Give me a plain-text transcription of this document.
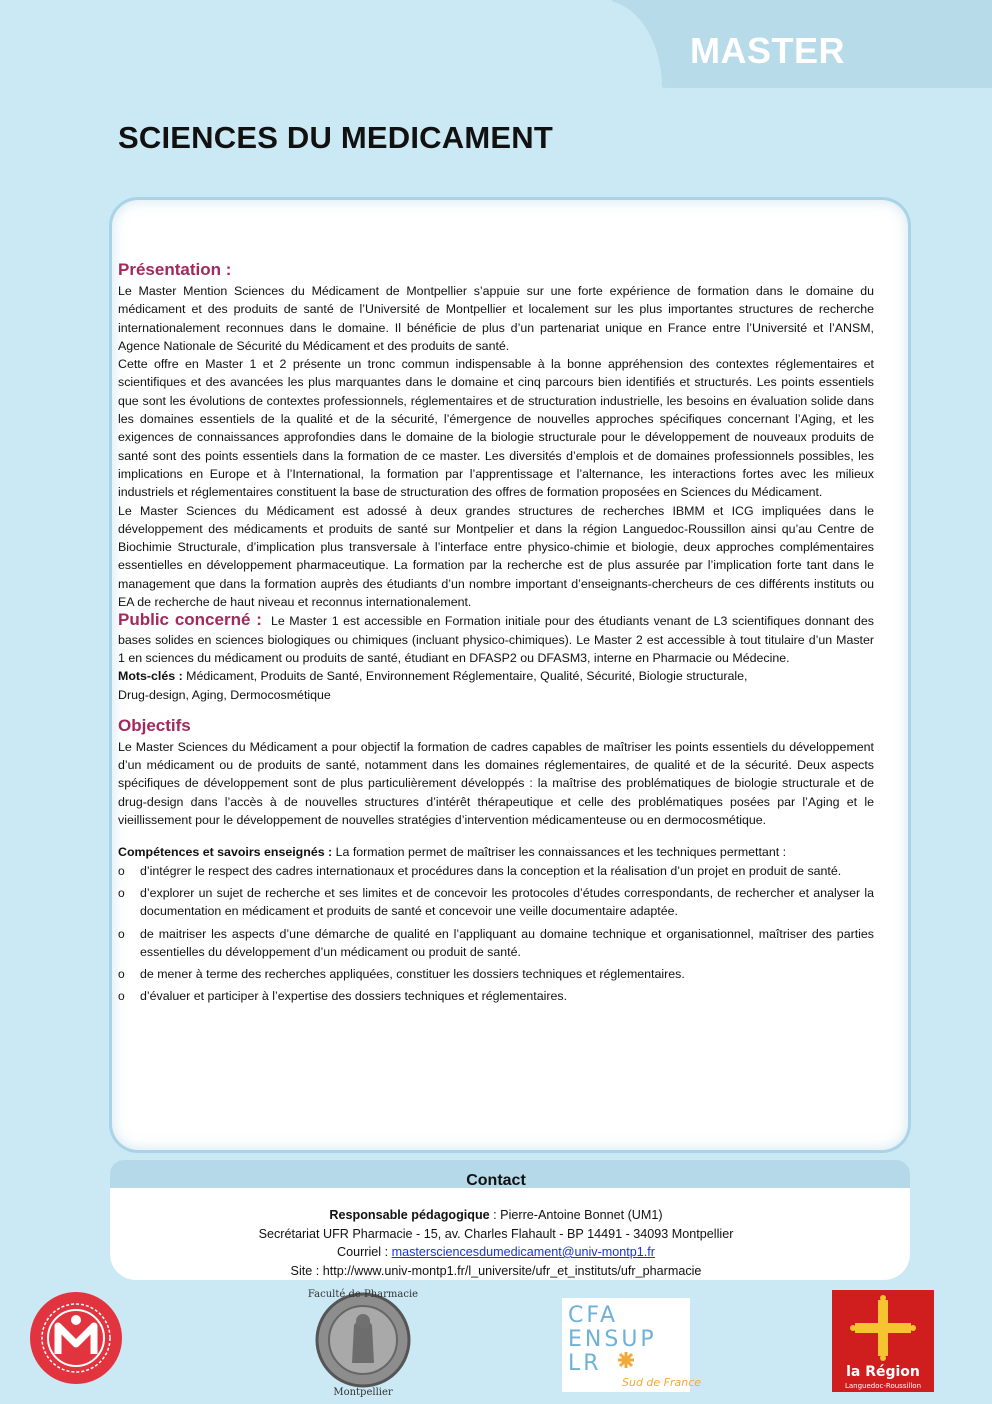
MASTER
SCIENCES DU MEDICAMENT
Présentation :

Le Master Mention Sciences du Médicament de Montpellier s’appuie sur une forte expérience de formation dans le domaine du médicament et des produits de santé de l’Université de Montpellier et localement sur les plus importantes structures de recherche internationalement reconnues dans le domaine. Il bénéficie de plus d’un partenariat unique en France entre l’Université et l’ANSM, Agence Nationale de Sécurité du Médicament et des produits de santé.

Cette offre en Master 1 et 2 présente un tronc commun indispensable à la bonne appréhension des contextes réglementaires et scientifiques et des avancées les plus marquantes dans le domaine et cinq parcours bien identifiés et structurés. Les points essentiels que sont les évolutions de contextes professionnels, réglementaires et de structuration industrielle, les besoins en évaluation solide dans les domaines essentiels de la qualité et de la sécurité, l’émergence de nouvelles approches spécifiques concernant l’Aging, et les exigences de connaissances approfondies dans le domaine de la biologie structurale pour le développement de nouveaux produits de santé sont des points essentiels dans la formation de ce master. Les diversités d’emplois et de domaines professionnels possibles, les implications en Europe et à l’International, la formation par l’apprentissage et l’alternance, les interactions fortes avec les milieux industriels et réglementaires constituent la base de structuration des offres de formation proposées en Sciences du Médicament.

Le Master Sciences du Médicament est adossé à deux grandes structures de recherches IBMM et ICG impliquées dans le développement des médicaments et produits de santé sur Montpelier et dans la région Languedoc-Roussillon ainsi qu’au Centre de Biochimie Structurale, d’implication plus transversale à l’interface entre physico-chimie et biologie, deux approches complémentaires essentielles en développement pharmaceutique. La formation par la recherche est de plus assurée par l’implication forte tant dans le management que dans la formation auprès des étudiants d’un nombre important d’enseignants-chercheurs de ces différents instituts ou EA de recherche de haut niveau et reconnus internationalement.

Public concerné : Le Master 1 est accessible en Formation initiale pour des étudiants venant de L3 scientifiques donnant des bases solides en sciences biologiques ou chimiques (incluant physico-chimiques). Le Master 2 est accessible à tout titulaire d’un Master 1 en sciences du médicament ou produits de santé, étudiant en DFASP2 ou DFASM3, interne en Pharmacie ou Médecine.

Mots-clés : Médicament, Produits de Santé, Environnement Réglementaire, Qualité, Sécurité, Biologie structurale,
Drug-design, Aging, Dermocosmétique

Objectifs

Le Master Sciences du Médicament a pour objectif la formation de cadres capables de maîtriser les points essentiels du développement d’un médicament ou de produits de santé, notamment dans les domaines réglementaires, de qualité et de la sécurité. Deux aspects spécifiques de développement sont de plus particulièrement développés : la maîtrise des problématiques de biologie structurale et de drug-design dans l’accès à de nouvelles structures d’intérêt thérapeutique et celle des problématiques posées par l’Aging et le vieillissement pour le développement de nouvelles stratégies d’intervention médicamenteuse ou en dermocosmétique.

Compétences et savoirs enseignés : La formation permet de maîtriser les connaissances et les techniques permettant :

o d’intégrer le respect des cadres internationaux et procédures dans la conception et la réalisation d’un projet en produit de santé.
o d’explorer un sujet de recherche et ses limites et de concevoir les protocoles d’études correspondants, de rechercher et analyser la documentation en médicament et produits de santé et concevoir une veille documentaire adaptée.
o de maitriser les aspects d’une démarche de qualité en l’appliquant au domaine technique et organisationnel, maîtriser des parties essentielles du développement d’un médicament ou produit de santé.
o de mener à terme des recherches appliquées, constituer les dossiers techniques et réglementaires.
o d’évaluer et participer à l’expertise des dossiers techniques et réglementaires.
Contact
Responsable pédagogique : Pierre-Antoine Bonnet (UM1)
Secrétariat UFR Pharmacie - 15, av. Charles Flahault - BP 14491 - 34093 Montpellier
Courriel : mastersciencesdumedicament@univ-montp1.fr
Site : http://www.univ-montp1.fr/l_universite/ufr_et_instituts/ufr_pharmacie
Faculté de Pharmacie
Montpellier
CFA
ENSUP
LR
Sud de France
la Région
Languedoc-Roussillon
